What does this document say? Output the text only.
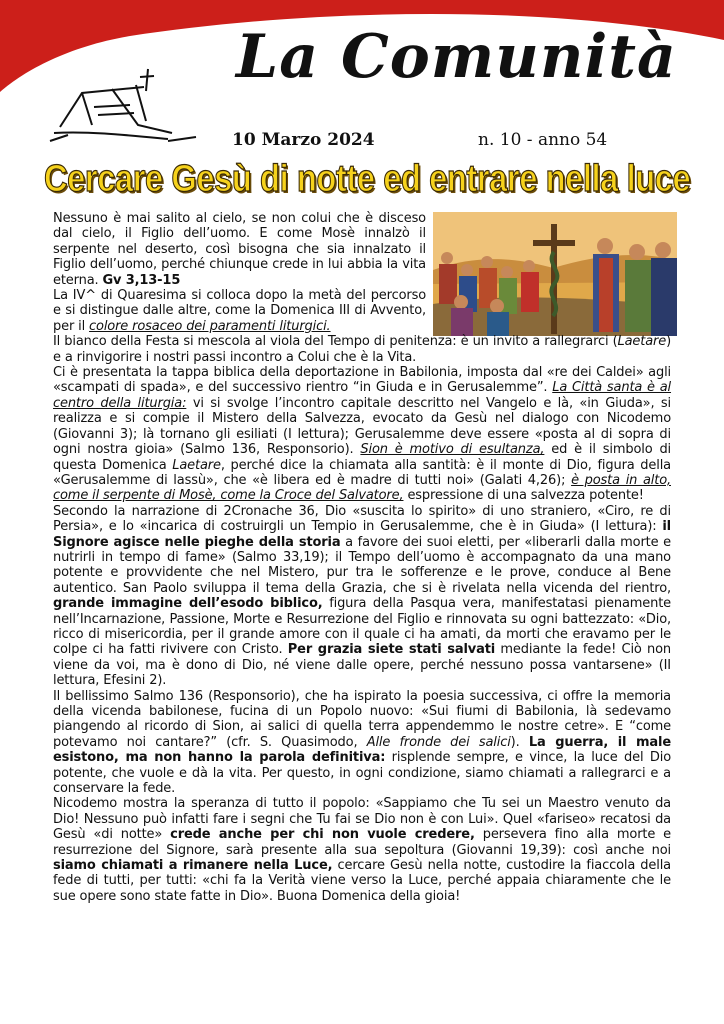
La Comunità
10 Marzo 2024	n. 10 - anno 54
Cercare Gesù di notte ed entrare nella luce

Nessuno è mai salito al cielo, se non colui che è disceso dal cielo, il Figlio dell’uomo. E come Mosè innalzò il serpente nel deserto, così bisogna che sia innalzato il Figlio dell’uomo, perché chiunque crede in lui abbia la vita eterna. Gv 3,13-15

La IV^ di Quaresima si colloca dopo la metà del percorso e si distingue dalle altre, come la Domenica III di Avvento, per il colore rosaceo dei paramenti liturgici.

Il bianco della Festa si mescola al viola del Tempo di penitenza: è un invito a rallegrarci (Laetare) e a rinvigorire i nostri passi incontro a Colui che è la Vita.

Ci è presentata la tappa biblica della deportazione in Babilonia, imposta dal «re dei Caldei» agli «scampati di spada», e del successivo rientro “in Giuda e in Gerusalemme”. La Città santa è al centro della liturgia: vi si svolge l’incontro capitale descritto nel Vangelo e là, «in Giuda», si realizza e si compie il Mistero della Salvezza, evocato da Gesù nel dialogo con Nicodemo (Giovanni 3); là tornano gli esiliati (I lettura); Gerusalemme deve essere «posta al di sopra di ogni nostra gioia» (Salmo 136, Responsorio). Sion è motivo di esultanza, ed è il simbolo di questa Domenica Laetare, perché dice la chiamata alla santità: è il monte di Dio, figura della «Gerusalemme di lassù», che «è libera ed è madre di tutti noi» (Galati 4,26); è posta in alto, come il serpente di Mosè, come la Croce del Salvatore, espressione di una salvezza potente!

Secondo la narrazione di 2Cronache 36, Dio «suscita lo spirito» di uno straniero, «Ciro, re di Persia», e lo «incarica di costruirgli un Tempio in Gerusalemme, che è in Giuda» (I lettura): il Signore agisce nelle pieghe della storia a favore dei suoi eletti, per «liberarli dalla morte e nutrirli in tempo di fame» (Salmo 33,19); il Tempo dell’uomo è accompagnato da una mano potente e provvidente che nel Mistero, pur tra le sofferenze e le prove, conduce al Bene autentico. San Paolo sviluppa il tema della Grazia, che si è rivelata nella vicenda del rientro, grande immagine dell’esodo biblico, figura della Pasqua vera, manifestatasi pienamente nell’Incarnazione, Passione, Morte e Resurrezione del Figlio e rinnovata su ogni battezzato: «Dio, ricco di misericordia, per il grande amore con il quale ci ha amati, da morti che eravamo per le colpe ci ha fatti rivivere con Cristo. Per grazia siete stati salvati mediante la fede! Ciò non viene da voi, ma è dono di Dio, né viene dalle opere, perché nessuno possa vantarsene» (II lettura, Efesini 2).

Il bellissimo Salmo 136 (Responsorio), che ha ispirato la poesia successiva, ci offre la memoria della vicenda babilonese, fucina di un Popolo nuovo: «Sui fiumi di Babilonia, là sedevamo piangendo al ricordo di Sion, ai salici di quella terra appendemmo le nostre cetre». E “come potevamo noi cantare?” (cfr. S. Quasimodo, Alle fronde dei salici). La guerra, il male esistono, ma non hanno la parola definitiva: risplende sempre, e vince, la luce del Dio potente, che vuole e dà la vita. Per questo, in ogni condizione, siamo chiamati a rallegrarci e a conservare la fede.

Nicodemo mostra la speranza di tutto il popolo: «Sappiamo che Tu sei un Maestro venuto da Dio! Nessuno può infatti fare i segni che Tu fai se Dio non è con Lui». Quel «fariseo» recatosi da Gesù «di notte» crede anche per chi non vuole credere, persevera fino alla morte e resurrezione del Signore, sarà presente alla sua sepoltura (Giovanni 19,39): così anche noi siamo chiamati a rimanere nella Luce, cercare Gesù nella notte, custodire la fiaccola della fede di tutti, per tutti: «chi fa la Verità viene verso la Luce, perché appaia chiaramente che le sue opere sono state fatte in Dio». Buona Domenica della gioia!
